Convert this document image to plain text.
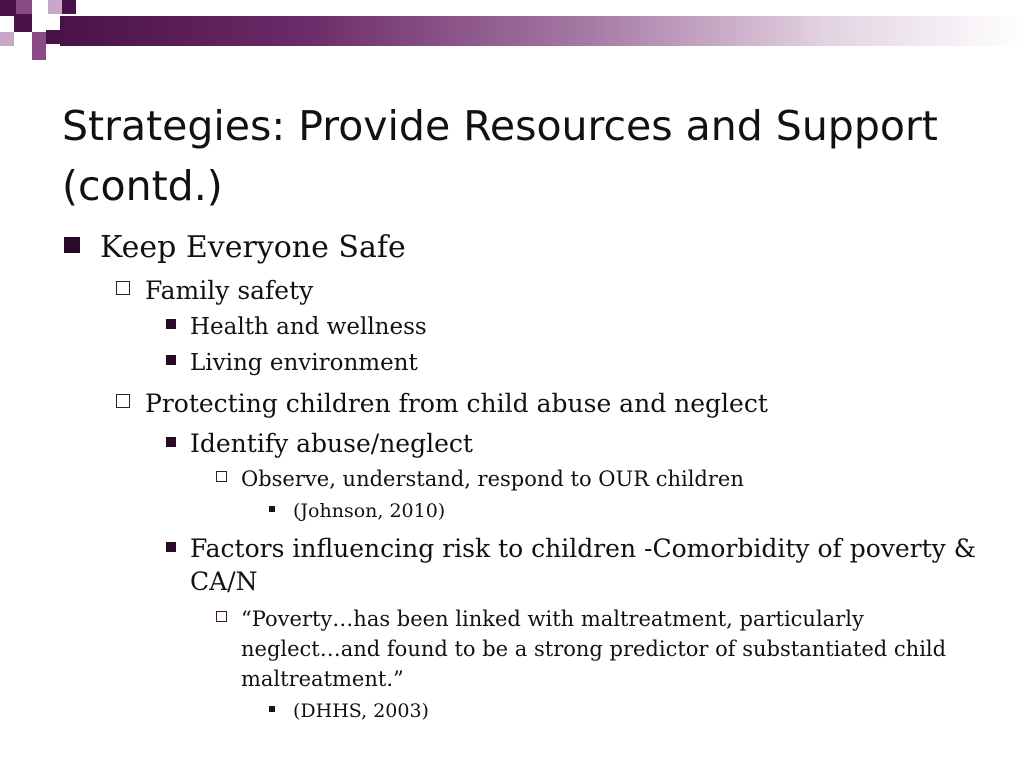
Strategies: Provide Resources and Support (contd.)
Keep Everyone Safe
Family safety
Health and wellness
Living environment
Protecting children from child abuse and neglect
Identify abuse/neglect
Observe, understand, respond to OUR children
(Johnson, 2010)
Factors influencing risk to children -Comorbidity of poverty & CA/N
“Poverty…has been linked with maltreatment, particularly neglect…and found to be a strong predictor of substantiated child maltreatment.”
(DHHS, 2003)
